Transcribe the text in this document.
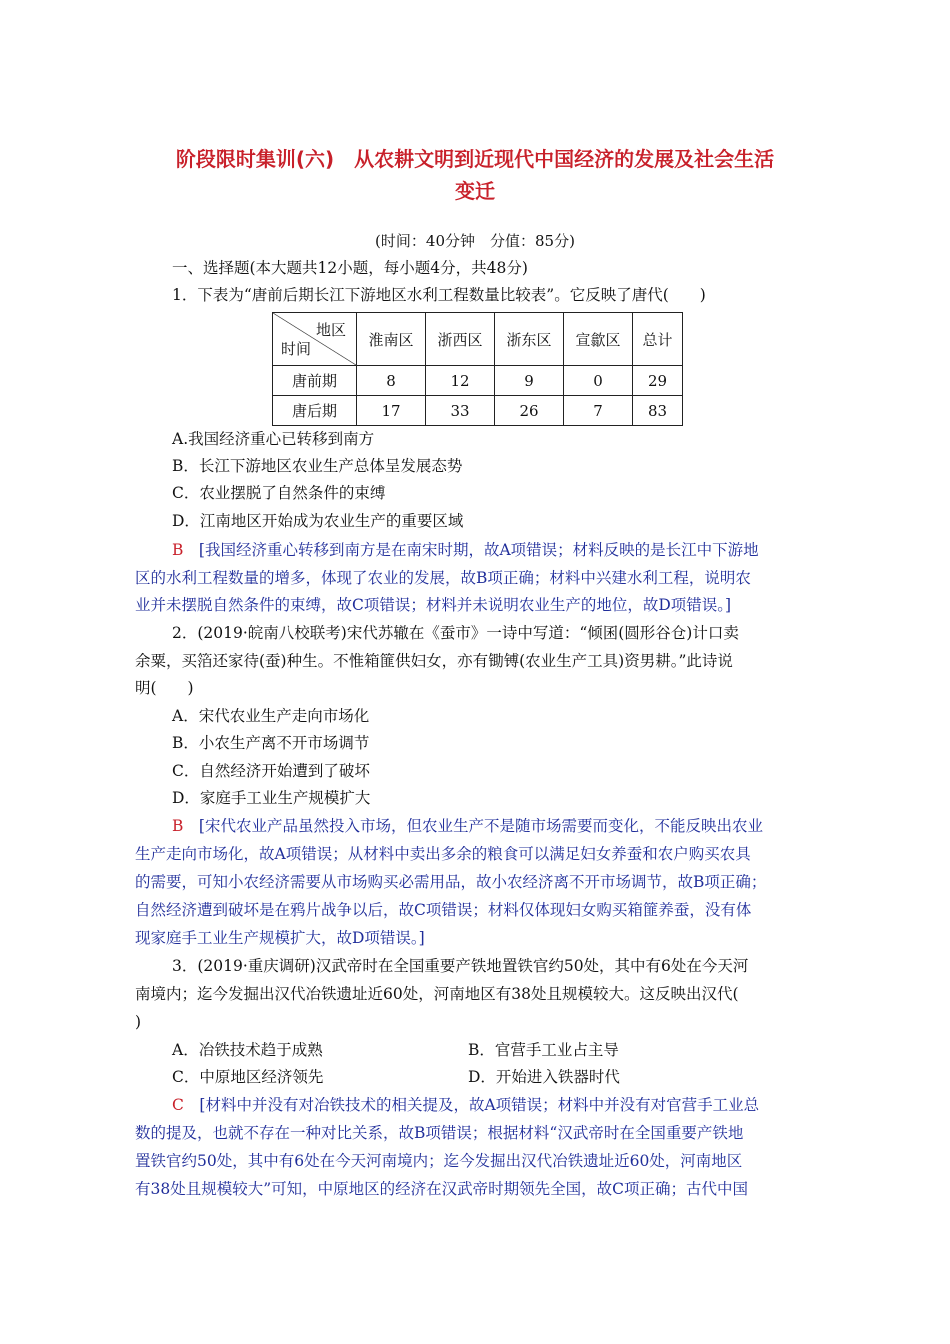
阶段限时集训(六)　从农耕文明到近现代中国经济的发展及社会生活
变迁
(时间：40分钟　分值：85分)
一、选择题(本大题共12小题，每小题4分，共48分)
1．下表为“唐前后期长江下游地区水利工程数量比较表”。它反映了唐代(　　)
地区
时间	淮南区	浙西区	浙东区	宣歙区	总计
唐前期	8	12	9	0	29
唐后期	17	33	26	7	83
A.我国经济重心已转移到南方
B．长江下游地区农业生产总体呈发展态势
C．农业摆脱了自然条件的束缚
D．江南地区开始成为农业生产的重要区域
B　 [我国经济重心转移到南方是在南宋时期，故A项错误；材料反映的是长江中下游地
区的水利工程数量的增多，体现了农业的发展，故B项正确；材料中兴建水利工程，说明农
业并未摆脱自然条件的束缚，故C项错误；材料并未说明农业生产的地位，故D项错误。]
2．(2019·皖南八校联考)宋代苏辙在《蚕市》一诗中写道：“倾囷(圆形谷仓)计口卖
余粟，买箔还家待(蚕)种生。不惟箱篚供妇女，亦有锄镈(农业生产工具)资男耕。”此诗说
明(　　)
A．宋代农业生产走向市场化
B．小农生产离不开市场调节
C．自然经济开始遭到了破坏
D．家庭手工业生产规模扩大
B　 [宋代农业产品虽然投入市场，但农业生产不是随市场需要而变化，不能反映出农业
生产走向市场化，故A项错误；从材料中卖出多余的粮食可以满足妇女养蚕和农户购买农具
的需要，可知小农经济需要从市场购买必需用品，故小农经济离不开市场调节，故B项正确；
自然经济遭到破坏是在鸦片战争以后，故C项错误；材料仅体现妇女购买箱篚养蚕，没有体
现家庭手工业生产规模扩大，故D项错误。]
3．(2019·重庆调研)汉武帝时在全国重要产铁地置铁官约50处，其中有6处在今天河
南境内；迄今发掘出汉代冶铁遗址近60处，河南地区有38处且规模较大。这反映出汉代(
)
A．冶铁技术趋于成熟	B．官营手工业占主导
C．中原地区经济领先	D．开始进入铁器时代
C　 [材料中并没有对冶铁技术的相关提及，故A项错误；材料中并没有对官营手工业总
数的提及，也就不存在一种对比关系，故B项错误；根据材料“汉武帝时在全国重要产铁地
置铁官约50处，其中有6处在今天河南境内；迄今发掘出汉代冶铁遗址近60处，河南地区
有38处且规模较大”可知，中原地区的经济在汉武帝时期领先全国，故C项正确；古代中国
